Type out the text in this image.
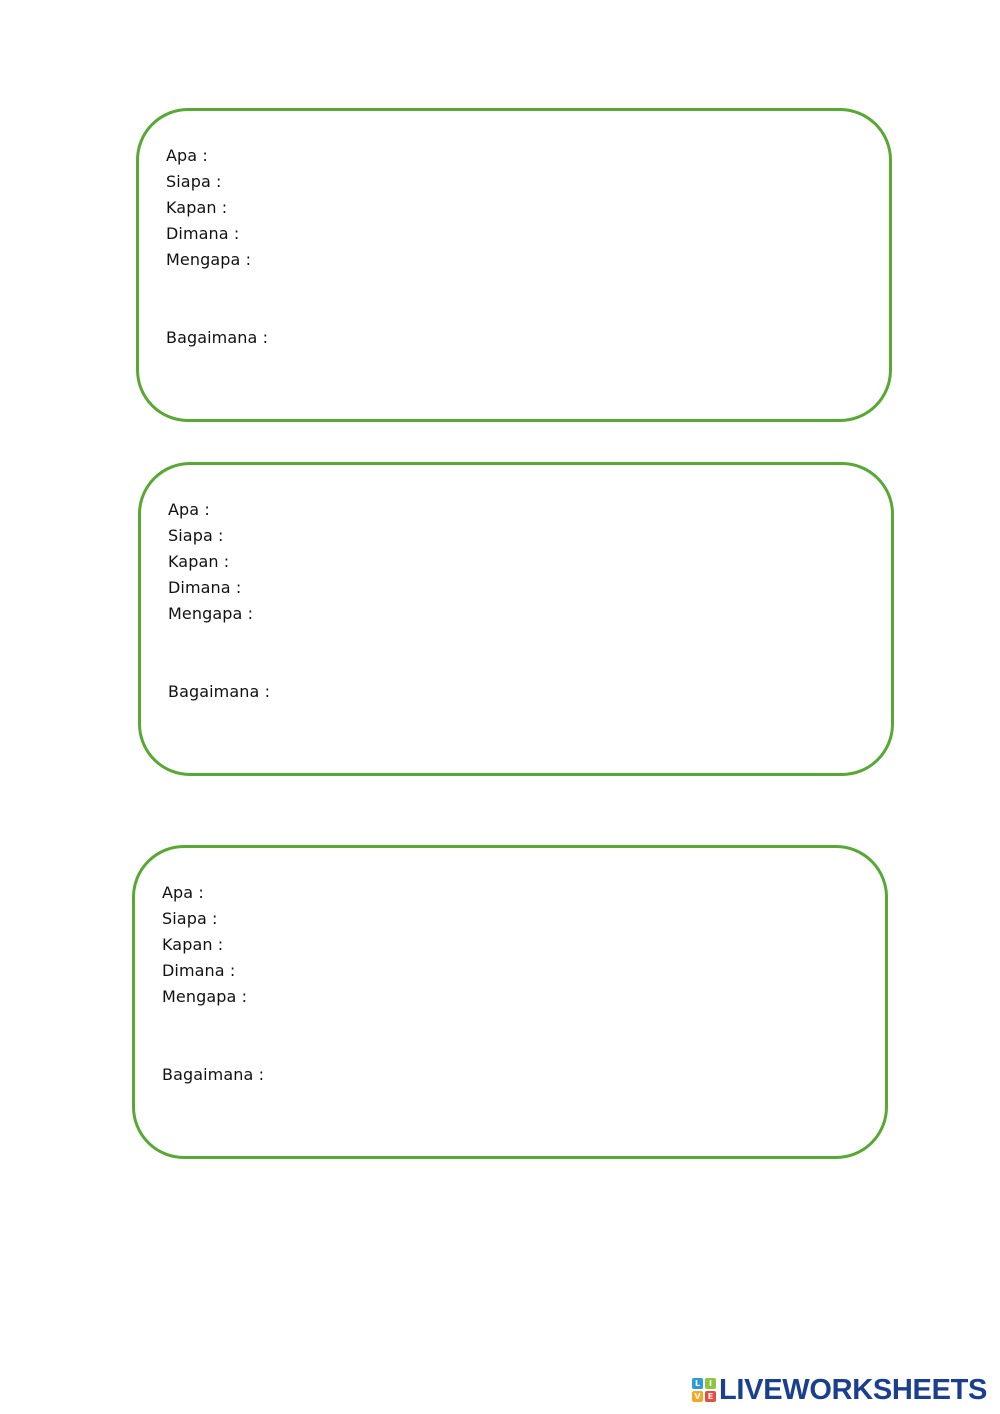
Apa :
Siapa :
Kapan :
Dimana :
Mengapa :
Bagaimana :
Apa :
Siapa :
Kapan :
Dimana :
Mengapa :
Bagaimana :
Apa :
Siapa :
Kapan :
Dimana :
Mengapa :
Bagaimana :
L	I
V E LIVEWORKSHEETS
